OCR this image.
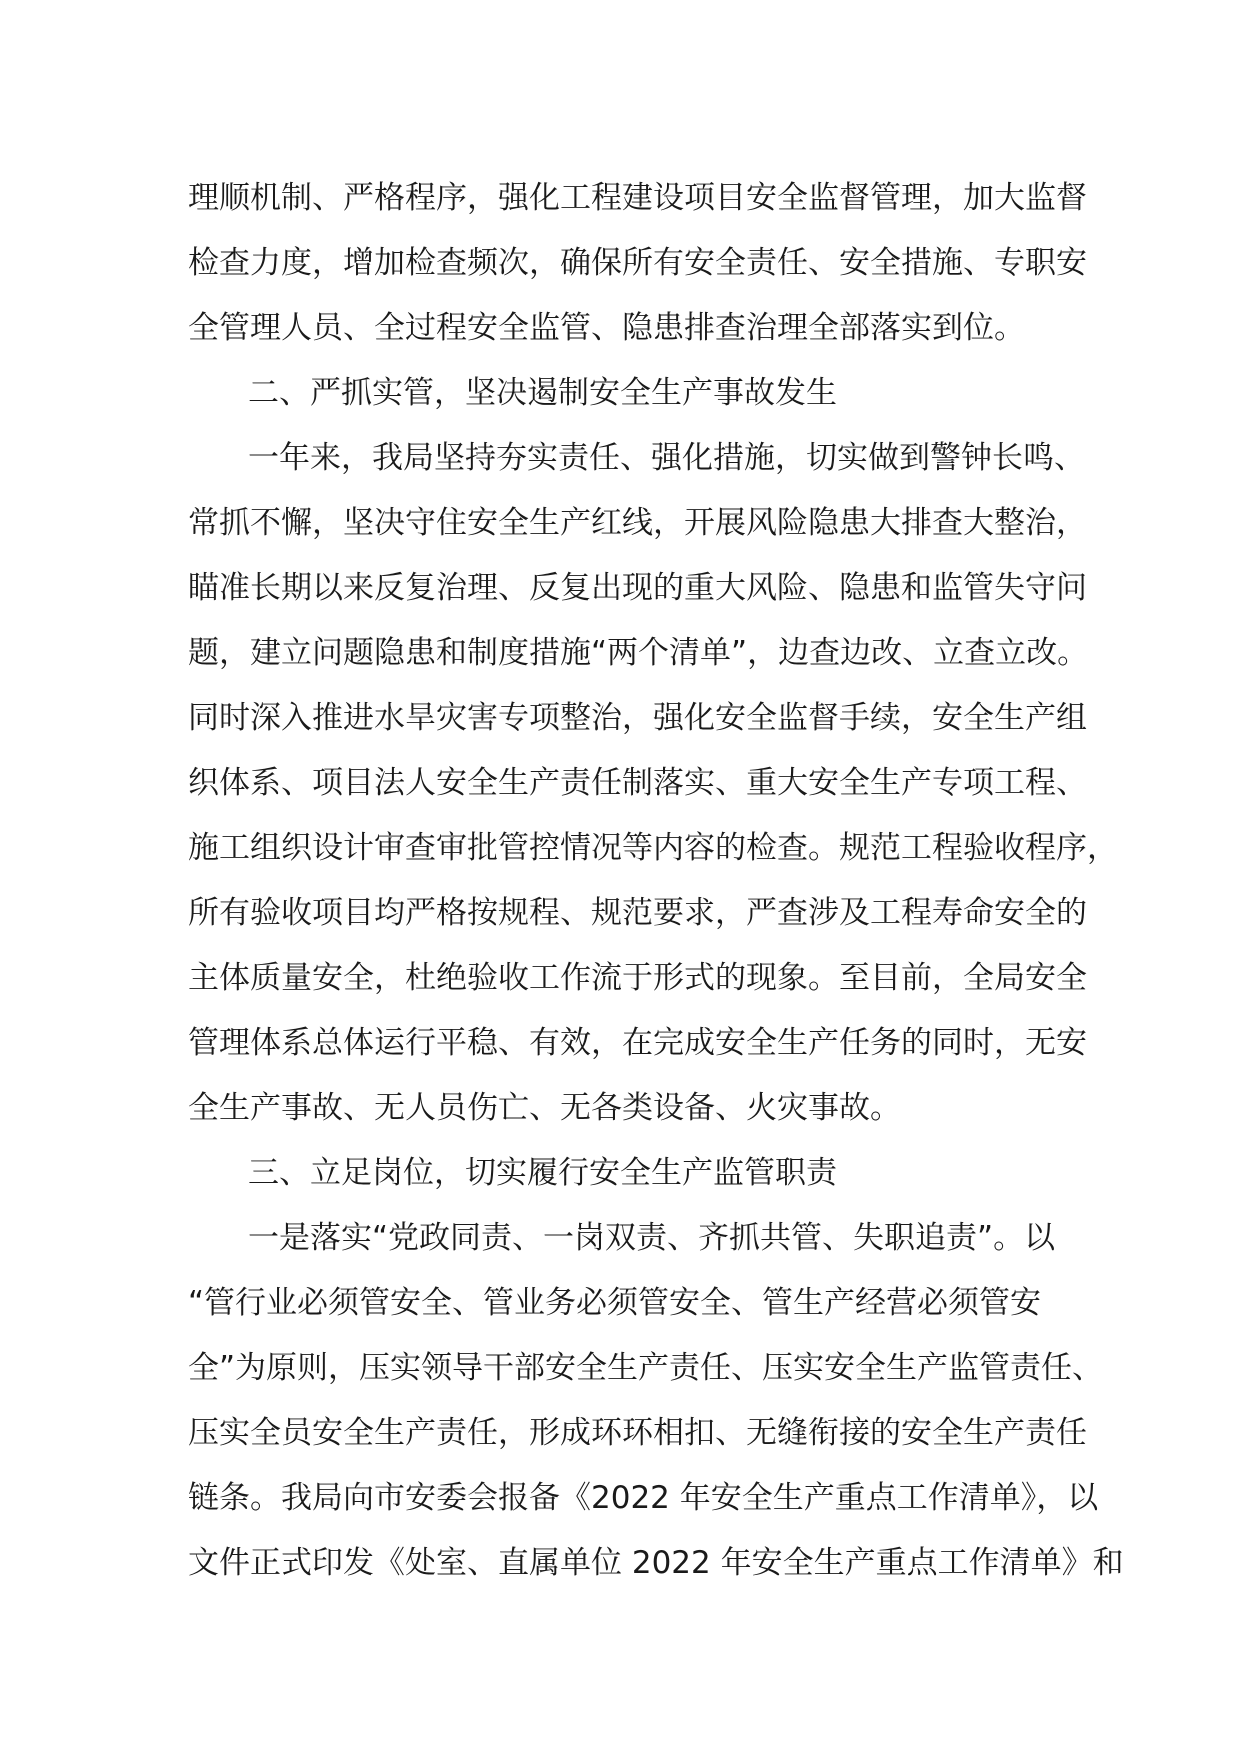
理顺机制、严格程序，强化工程建设项目安全监督管理，加大监督
检查力度，增加检查频次，确保所有安全责任、安全措施、专职安
全管理人员、全过程安全监管、隐患排查治理全部落实到位。
二、严抓实管，坚决遏制安全生产事故发生
一年来，我局坚持夯实责任、强化措施，切实做到警钟长鸣、
常抓不懈，坚决守住安全生产红线，开展风险隐患大排查大整治，
瞄准长期以来反复治理、反复出现的重大风险、隐患和监管失守问
题，建立问题隐患和制度措施“两个清单”，边查边改、立查立改。
同时深入推进水旱灾害专项整治，强化安全监督手续，安全生产组
织体系、项目法人安全生产责任制落实、重大安全生产专项工程、
施工组织设计审查审批管控情况等内容的检查。规范工程验收程序，
所有验收项目均严格按规程、规范要求，严查涉及工程寿命安全的
主体质量安全，杜绝验收工作流于形式的现象。至目前，全局安全
管理体系总体运行平稳、有效，在完成安全生产任务的同时，无安
全生产事故、无人员伤亡、无各类设备、火灾事故。
三、立足岗位，切实履行安全生产监管职责
一是落实“党政同责、一岗双责、齐抓共管、失职追责”。以
“管行业必须管安全、管业务必须管安全、管生产经营必须管安
全”为原则，压实领导干部安全生产责任、压实安全生产监管责任、
压实全员安全生产责任，形成环环相扣、无缝衔接的安全生产责任
链条。我局向市安委会报备《2022 年安全生产重点工作清单》，以
文件正式印发《处室、直属单位 2022 年安全生产重点工作清单》和
